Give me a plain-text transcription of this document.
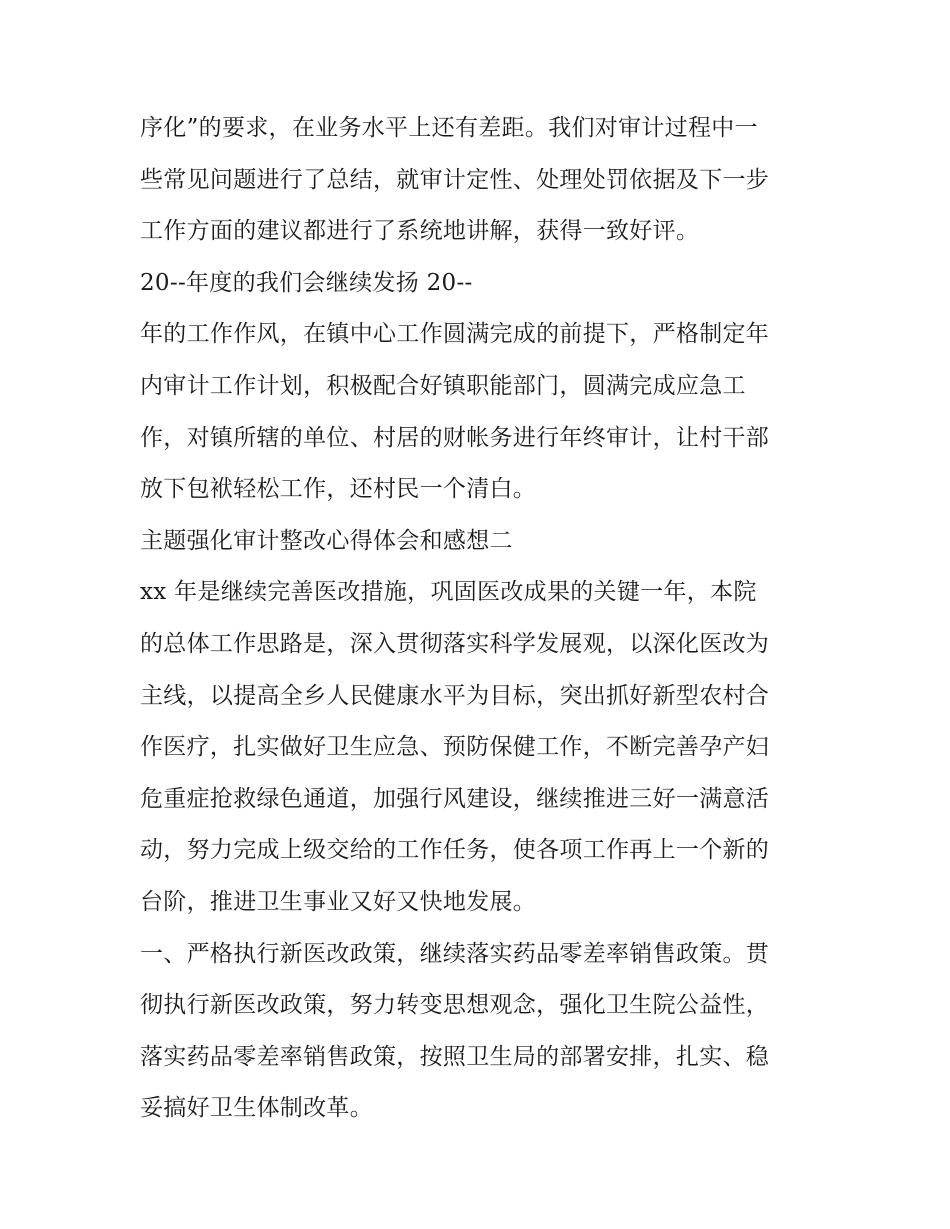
序化”的要求，在业务水平上还有差距。我们对审计过程中一
些常见问题进行了总结，就审计定性、处理处罚依据及下一步
工作方面的建议都进行了系统地讲解，获得一致好评。
20--年度的我们会继续发扬 20--
年的工作作风，在镇中心工作圆满完成的前提下，严格制定年
内审计工作计划，积极配合好镇职能部门，圆满完成应急工
作，对镇所辖的单位、村居的财帐务进行年终审计，让村干部
放下包袱轻松工作，还村民一个清白。
主题强化审计整改心得体会和感想二
xx 年是继续完善医改措施，巩固医改成果的关键一年，本院
的总体工作思路是，深入贯彻落实科学发展观，以深化医改为
主线，以提高全乡人民健康水平为目标，突出抓好新型农村合
作医疗，扎实做好卫生应急、预防保健工作，不断完善孕产妇
危重症抢救绿色通道，加强行风建设，继续推进三好一满意活
动，努力完成上级交给的工作任务，使各项工作再上一个新的
台阶，推进卫生事业又好又快地发展。
一、严格执行新医改政策，继续落实药品零差率销售政策。贯
彻执行新医改政策，努力转变思想观念，强化卫生院公益性，
落实药品零差率销售政策，按照卫生局的部署安排，扎实、稳
妥搞好卫生体制改革。
